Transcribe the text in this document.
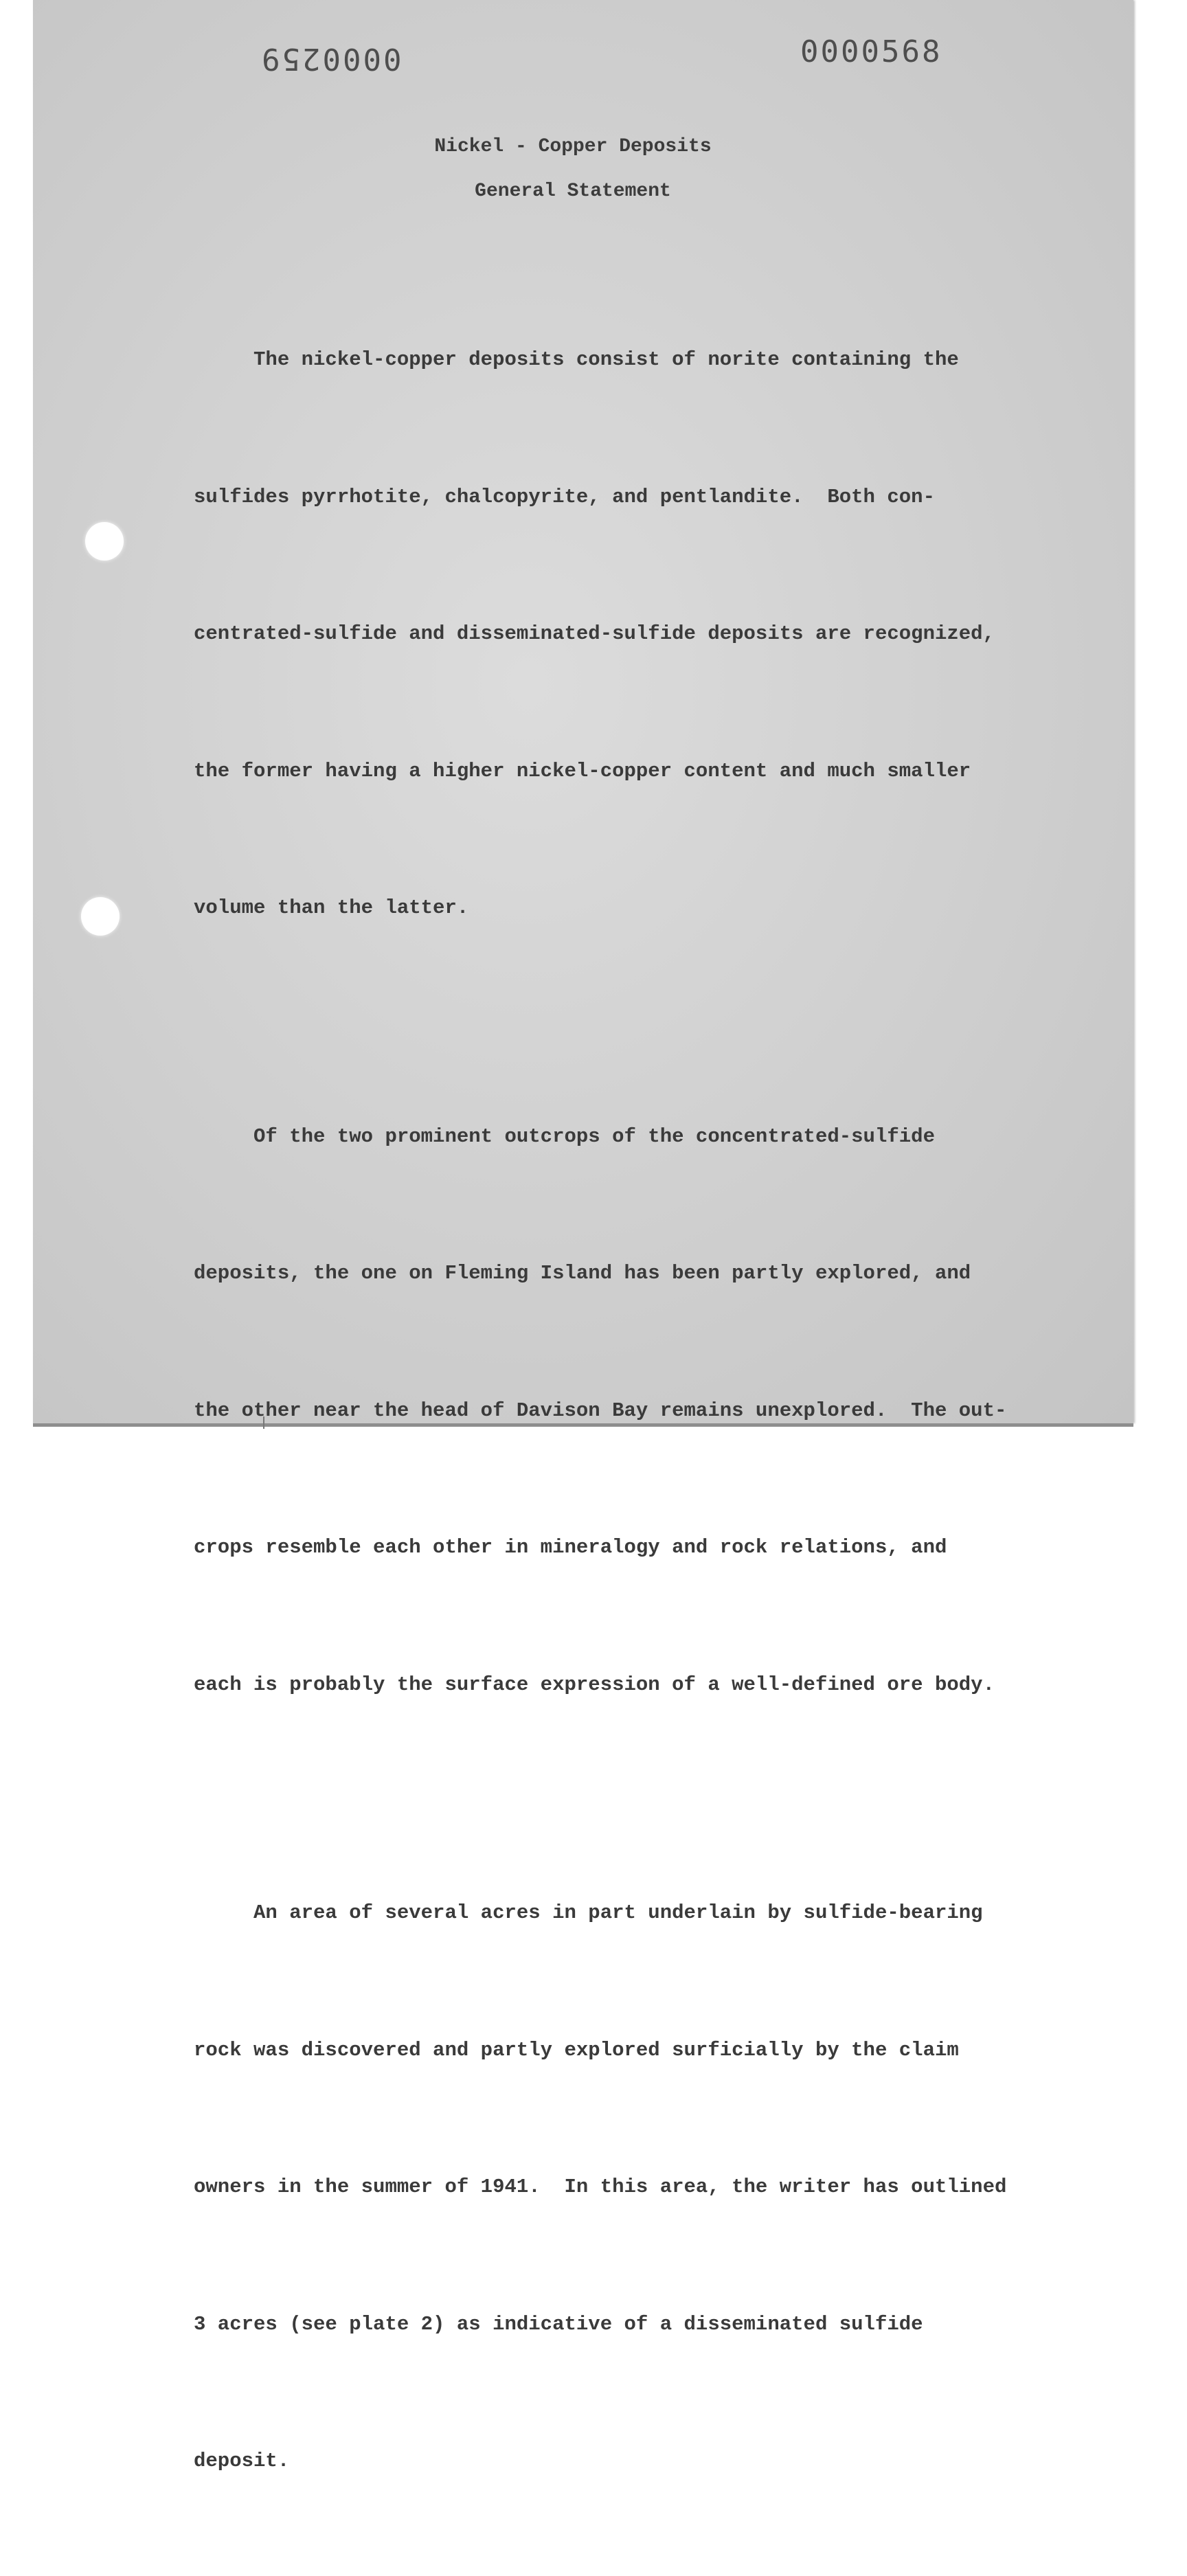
0000259	0000568
Nickel - Copper Deposits
General Statement

The nickel-copper deposits consist of norite containing the

sulfides pyrrhotite, chalcopyrite, and pentlandite.  Both con-

centrated-sulfide and disseminated-sulfide deposits are recognized,

the former having a higher nickel-copper content and much smaller

volume than the latter.

Of the two prominent outcrops of the concentrated-sulfide

deposits, the one on Fleming Island has been partly explored, and

the other near the head of Davison Bay remains unexplored.  The out-

crops resemble each other in mineralogy and rock relations, and

each is probably the surface expression of a well-defined ore body.

An area of several acres in part underlain by sulfide-bearing

rock was discovered and partly explored surficially by the claim

owners in the summer of 1941.  In this area, the writer has outlined

3 acres (see plate 2) as indicative of a disseminated sulfide

deposit.
